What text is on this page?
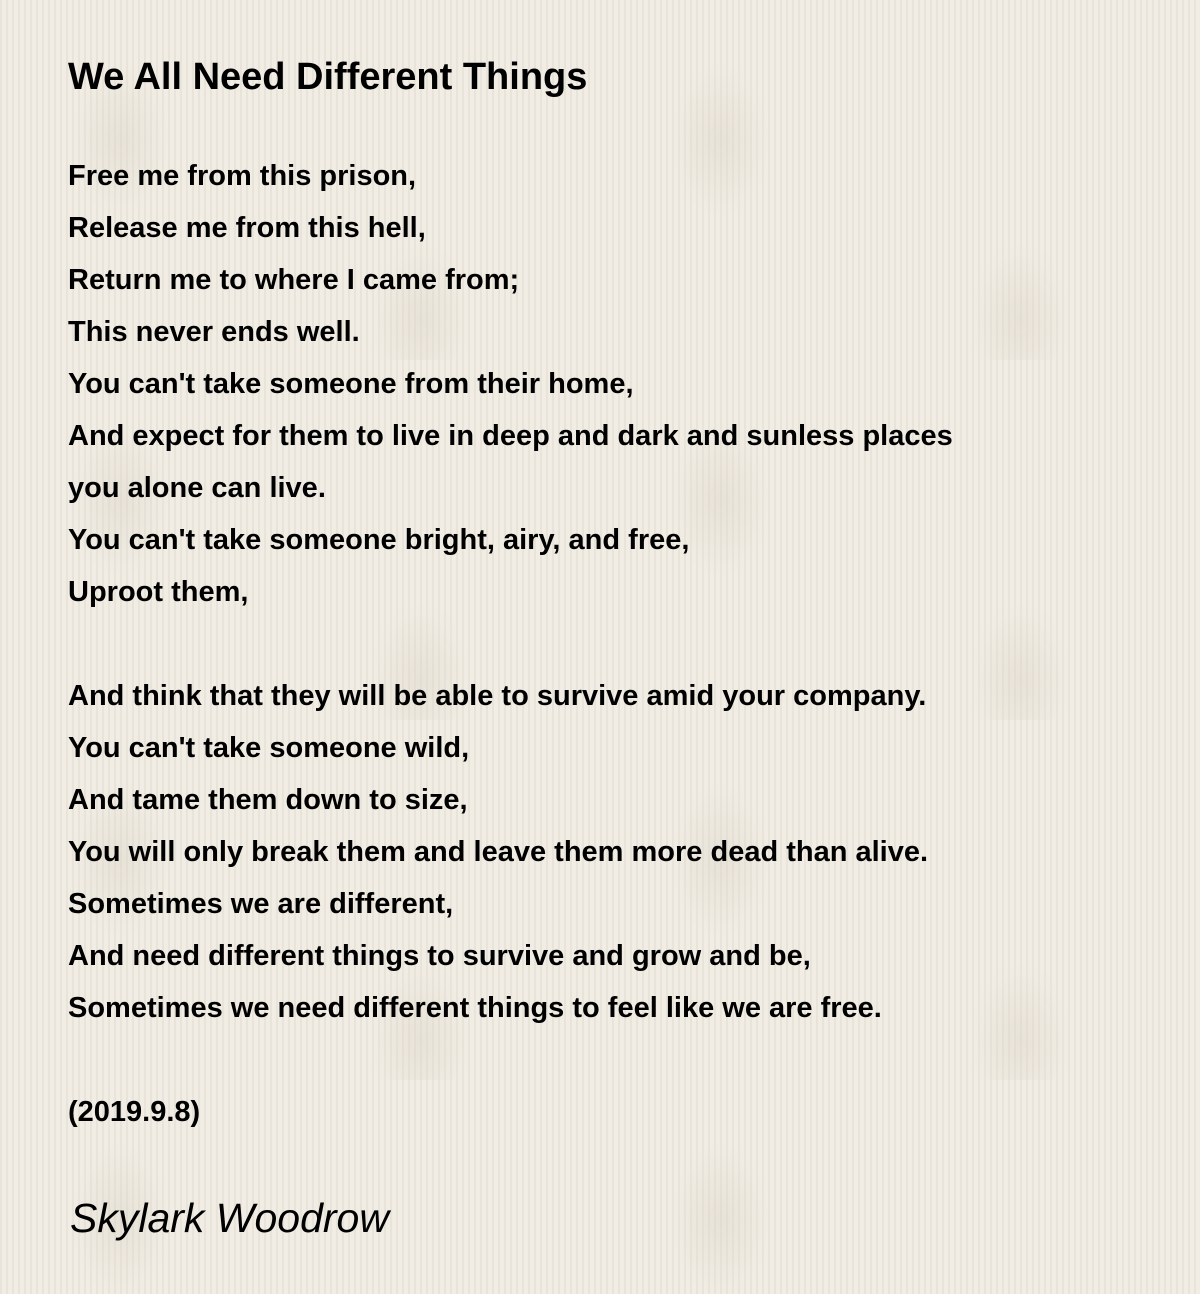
We All Need Different Things
Free me from this prison,
Release me from this hell,
Return me to where I came from;
This never ends well.
You can't take someone from their home,
And expect for them to live in deep and dark and sunless places
you alone can live.
You can't take someone bright, airy, and free,
Uproot them,
And think that they will be able to survive amid your company.
You can't take someone wild,
And tame them down to size,
You will only break them and leave them more dead than alive.
Sometimes we are different,
And need different things to survive and grow and be,
Sometimes we need different things to feel like we are free.
(2019.9.8)
Skylark Woodrow
